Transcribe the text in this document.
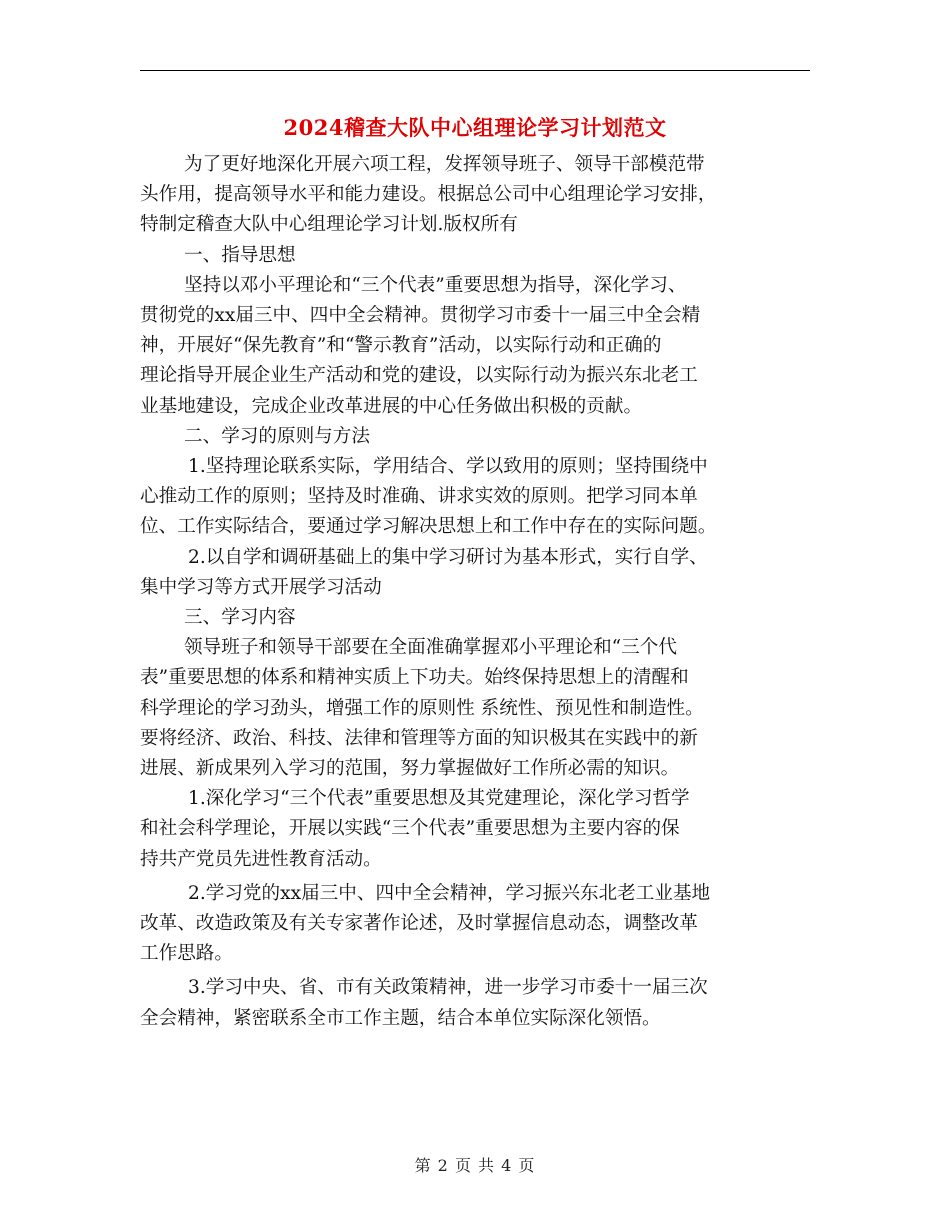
2024稽查大队中心组理论学习计划范文

为了更好地深化开展六项工程，发挥领导班子、领导干部模范带

头作用，提高领导水平和能力建设。根据总公司中心组理论学习安排，

特制定稽查大队中心组理论学习计划.版权所有

一、指导思想

坚持以邓小平理论和“三个代表”重要思想为指导，深化学习、

贯彻党的xx届三中、四中全会精神。贯彻学习市委十一届三中全会精

神，开展好“保先教育”和“警示教育”活动，以实际行动和正确的

理论指导开展企业生产活动和党的建设，以实际行动为振兴东北老工

业基地建设，完成企业改革进展的中心任务做出积极的贡献。

二、学习的原则与方法

1.坚持理论联系实际，学用结合、学以致用的原则；坚持围绕中

心推动工作的原则；坚持及时准确、讲求实效的原则。把学习同本单

位、工作实际结合，要通过学习解决思想上和工作中存在的实际问题。

2.以自学和调研基础上的集中学习研讨为基本形式，实行自学、

集中学习等方式开展学习活动

三、学习内容

领导班子和领导干部要在全面准确掌握邓小平理论和“三个代

表”重要思想的体系和精神实质上下功夫。始终保持思想上的清醒和

科学理论的学习劲头，增强工作的原则性 系统性、预见性和制造性。

要将经济、政治、科技、法律和管理等方面的知识极其在实践中的新

进展、新成果列入学习的范围，努力掌握做好工作所必需的知识。

1.深化学习“三个代表”重要思想及其党建理论，深化学习哲学

和社会科学理论，开展以实践“三个代表”重要思想为主要内容的保

持共产党员先进性教育活动。

2.学习党的xx届三中、四中全会精神，学习振兴东北老工业基地

改革、改造政策及有关专家著作论述，及时掌握信息动态，调整改革

工作思路。

3.学习中央、省、市有关政策精神，进一步学习市委十一届三次

全会精神，紧密联系全市工作主题，结合本单位实际深化领悟。

第 2 页 共 4 页
